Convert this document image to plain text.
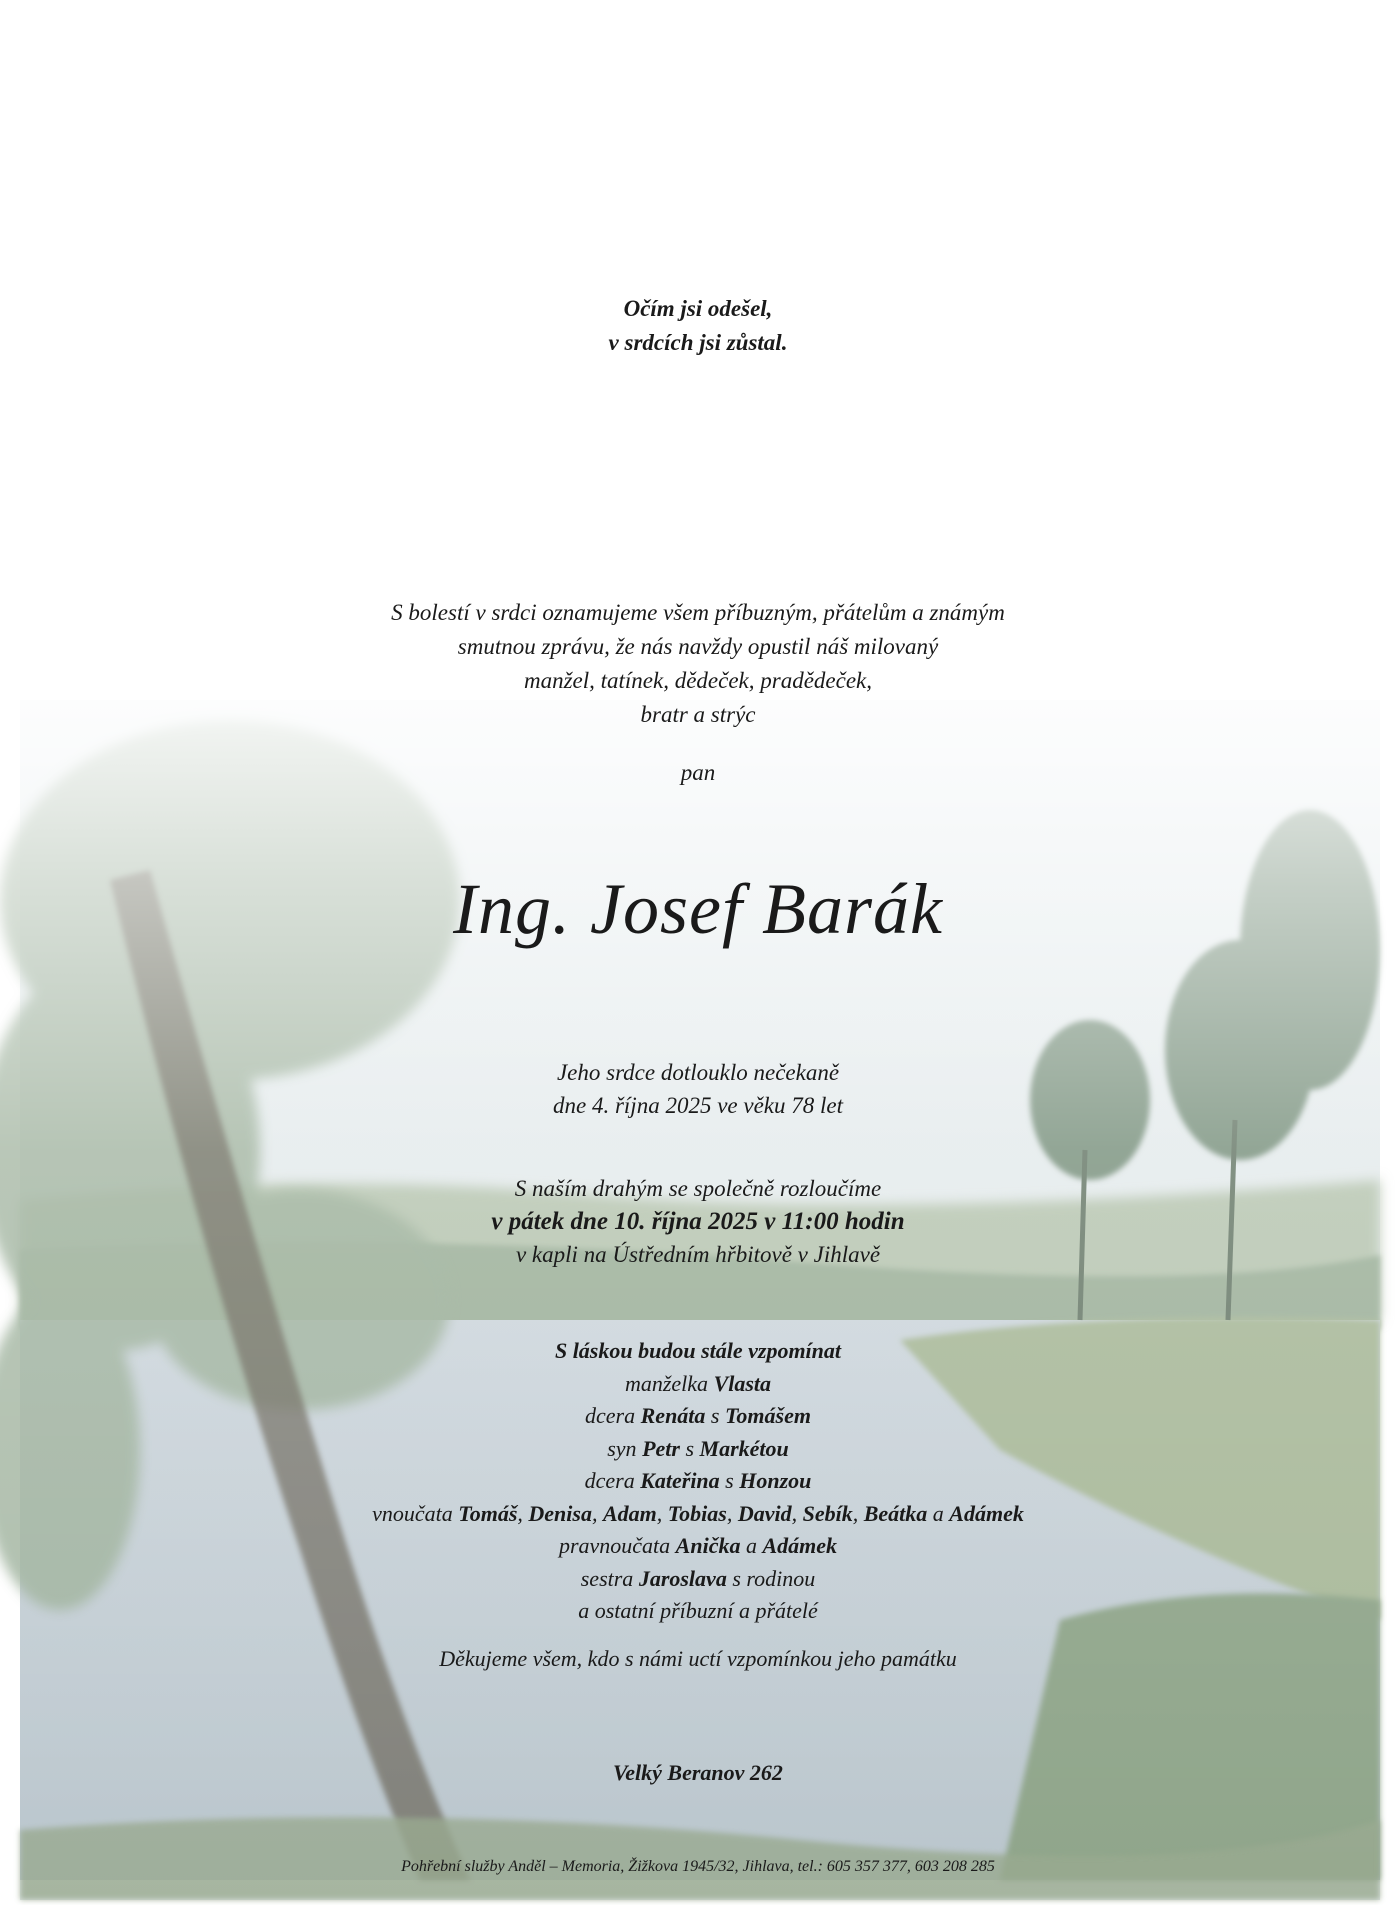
Očím jsi odešel,
v srdcích jsi zůstal.
S bolestí v srdci oznamujeme všem příbuzným, přátelům a známým
smutnou zprávu, že nás navždy opustil náš milovaný
manžel, tatínek, dědeček, pradědeček,
bratr a strýc
pan
Ing. Josef Barák
Jeho srdce dotlouklo nečekaně
dne 4. října 2025 ve věku 78 let
S naším drahým se společně rozloučíme
v pátek dne 10. října 2025 v 11:00 hodin
v kapli na Ústředním hřbitově v Jihlavě
S láskou budou stále vzpomínat
manželka Vlasta
dcera Renáta s Tomášem
syn Petr s Markétou
dcera Kateřina s Honzou
vnoučata Tomáš, Denisa, Adam, Tobias, David, Sebík, Beátka a Adámek
pravnoučata Anička a Adámek
sestra Jaroslava s rodinou
a ostatní příbuzní a přátelé
Děkujeme všem, kdo s námi uctí vzpomínkou jeho památku
Velký Beranov 262
Pohřební služby Anděl – Memoria, Žižkova 1945/32, Jihlava, tel.: 605 357 377, 603 208 285
